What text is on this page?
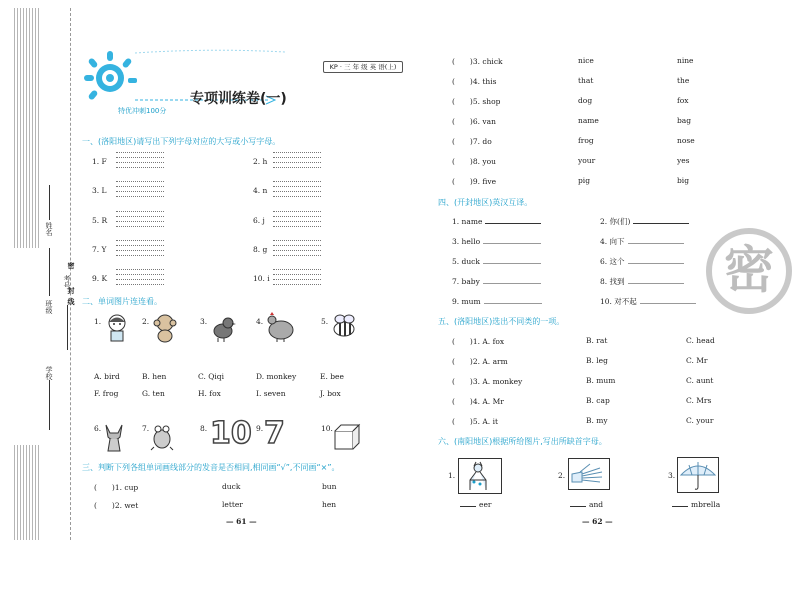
姓名
班级
考号
学校
密
封
线
KP · 三 年 级 英 语(上)
专项训练卷(一)
特优冲刺100分
一、(洛阳地区)请写出下列字母对应的大写或小写字母。
1. F	2. h
3. L	4. n
5. R	6. j
7. Y	8. g
9. K	10. i
二、单词图片连连看。
1.	2.	3.	4.	5.
A. bird	B. hen	C. Qiqi	D. monkey	E. bee
F. frog	G. ten	H. fox	I. seven	J. box
6.	7.	8. 10 9. 7	10.
三、判断下列各组单词画线部分的发音是否相同,相同画“√”,不同画“×”。
(　　)1. cup	duck	bun
(　　)2. wet	letter	hen
— 61 —
(　　)3. chick	nice	nine
(　　)4. this	that	the
(　　)5. shop	dog	fox
(　　)6. van	name	bag
(　　)7. do	frog	nose
(　　)8. you	your	yes
(　　)9. five	pig	big
四、(开封地区)英汉互译。
1. name	2. 你(们)
3. hello	4. 向下
5. duck	6. 这个
7. baby	8. 找到
9. mum	10. 对不起
五、(洛阳地区)选出不同类的一项。
(　　)1. A. fox	B. rat	C. head
(　　)2. A. arm	B. leg	C. Mr
(　　)3. A. monkey	B. mum	C. aunt
(　　)4. A. Mr	B. cap	C. Mrs
(　　)5. A. it	B. my	C. your
六、(南阳地区)根据所给图片,写出所缺首字母。
1.	2.	3.
eer	and	mbrella
— 62 —
密
